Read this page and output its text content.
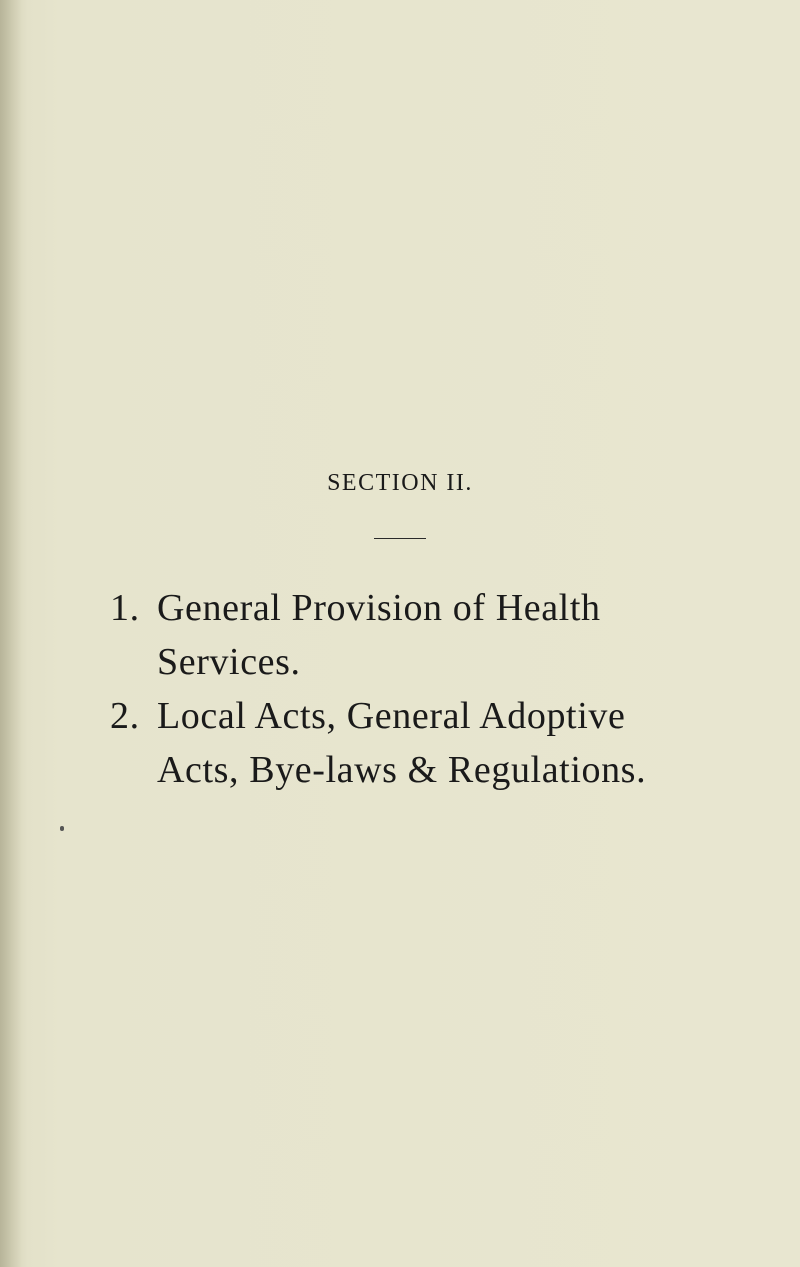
SECTION II.
1. General Provision of Health
Services.
2. Local Acts, General Adoptive
Acts, Bye-laws & Regulations.
